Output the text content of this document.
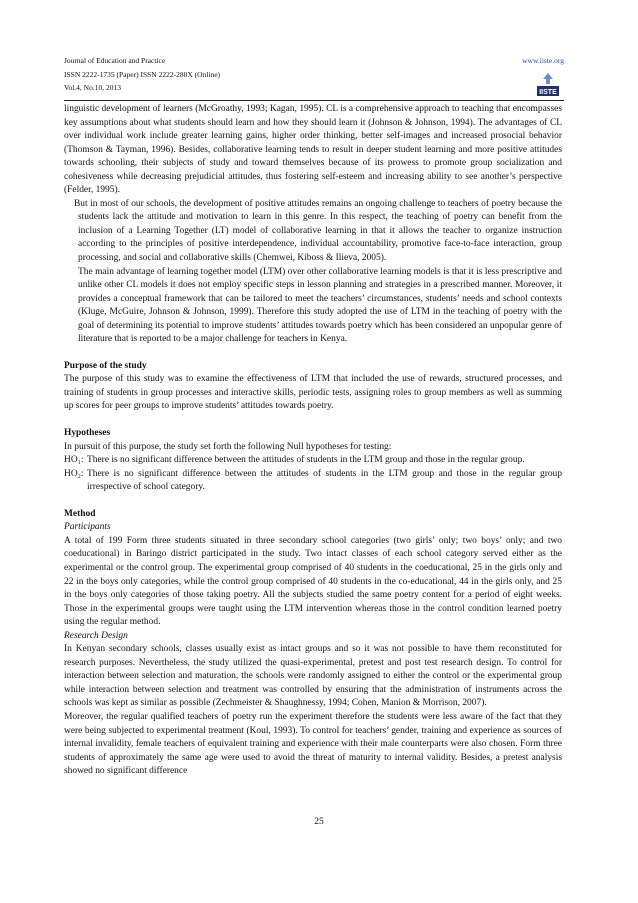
Journal of Education and Practice	www.iiste.org
ISSN 2222-1735 (Paper) ISSN 2222-288X (Online)
Vol.4, No.10, 2013
IISTE

linguistic development of learners (McGroathy, 1993; Kagan, 1995). CL is a comprehensive approach to teaching that encompasses key assumptions about what students should learn and how they should learn it (Johnson & Johnson, 1994). The advantages of CL over individual work include greater learning gains, higher order thinking, better self-images and increased prosocial behavior (Thomson & Tayman, 1996). Besides, collaborative learning tends to result in deeper student learning and more positive attitudes towards schooling, their subjects of study and toward themselves because of its prowess to promote group socialization and cohesiveness while decreasing prejudicial attitudes, thus fostering self-esteem and increasing ability to see another’s perspective (Felder, 1995).

But in most of our schools, the development of positive attitudes remains an ongoing challenge to teachers of poetry because the students lack the attitude and motivation to learn in this genre. In this respect, the teaching of poetry can benefit from the inclusion of a Learning Together (LT) model of collaborative learning in that it allows the teacher to organize instruction according to the principles of positive interdependence, individual accountability, promotive face-to-face interaction, group processing, and social and collaborative skills (Chemwei, Kiboss & Ilieva, 2005).

The main advantage of learning together model (LTM) over other collaborative learning models is that it is less prescriptive and unlike other CL models it does not employ specific steps in lesson planning and strategies in a prescribed manner. Moreover, it provides a conceptual framework that can be tailored to meet the teachers’ circumstances, students’ needs and school contexts (Kluge, McGuire, Johnson & Johnson, 1999). Therefore this study adopted the use of LTM in the teaching of poetry with the goal of determining its potential to improve students’ attitudes towards poetry which has been considered an unpopular genre of literature that is reported to be a major challenge for teachers in Kenya.

Purpose of the study

The purpose of this study was to examine the effectiveness of LTM that included the use of rewards, structured processes, and training of students in group processes and interactive skills, periodic tests, assigning roles to group members as well as summing up scores for peer groups to improve students’ attitudes towards poetry.

Hypotheses

In pursuit of this purpose, the study set forth the following Null hypotheses for testing:

HO₁: There is no significant difference between the attitudes of students in the LTM group and those in the regular group.
HO₂: There is no significant difference between the attitudes of students in the LTM group and those in the regular group irrespective of school category.

Method

Participants

A total of 199 Form three students situated in three secondary school categories (two girls’ only; two boys’ only; and two coeducational) in Baringo district participated in the study. Two intact classes of each school category served either as the experimental or the control group. The experimental group comprised of 40 students in the coeducational, 25 in the girls only and 22 in the boys only categories, while the control group comprised of 40 students in the co-educational, 44 in the girls only, and 25 in the boys only categories of those taking poetry. All the subjects studied the same poetry content for a period of eight weeks. Those in the experimental groups were taught using the LTM intervention whereas those in the control condition learned poetry using the regular method.

Research Design

In Kenyan secondary schools, classes usually exist as intact groups and so it was not possible to have them reconstituted for research purposes. Nevertheless, the study utilized the quasi-experimental, pretest and post test research design. To control for interaction between selection and maturation, the schools were randomly assigned to either the control or the experimental group while interaction between selection and treatment was controlled by ensuring that the administration of instruments across the schools was kept as similar as possible (Zechmeister & Shaughnessy, 1994; Cohen, Manion & Morrison, 2007).

Moreover, the regular qualified teachers of poetry run the experiment therefore the students were less aware of the fact that they were being subjected to experimental treatment (Koul, 1993). To control for teachers’ gender, training and experience as sources of internal invalidity, female teachers of equivalent training and experience with their male counterparts were also chosen. Form three students of approximately the same age were used to avoid the threat of maturity to internal validity. Besides, a pretest analysis showed no significant difference

25
